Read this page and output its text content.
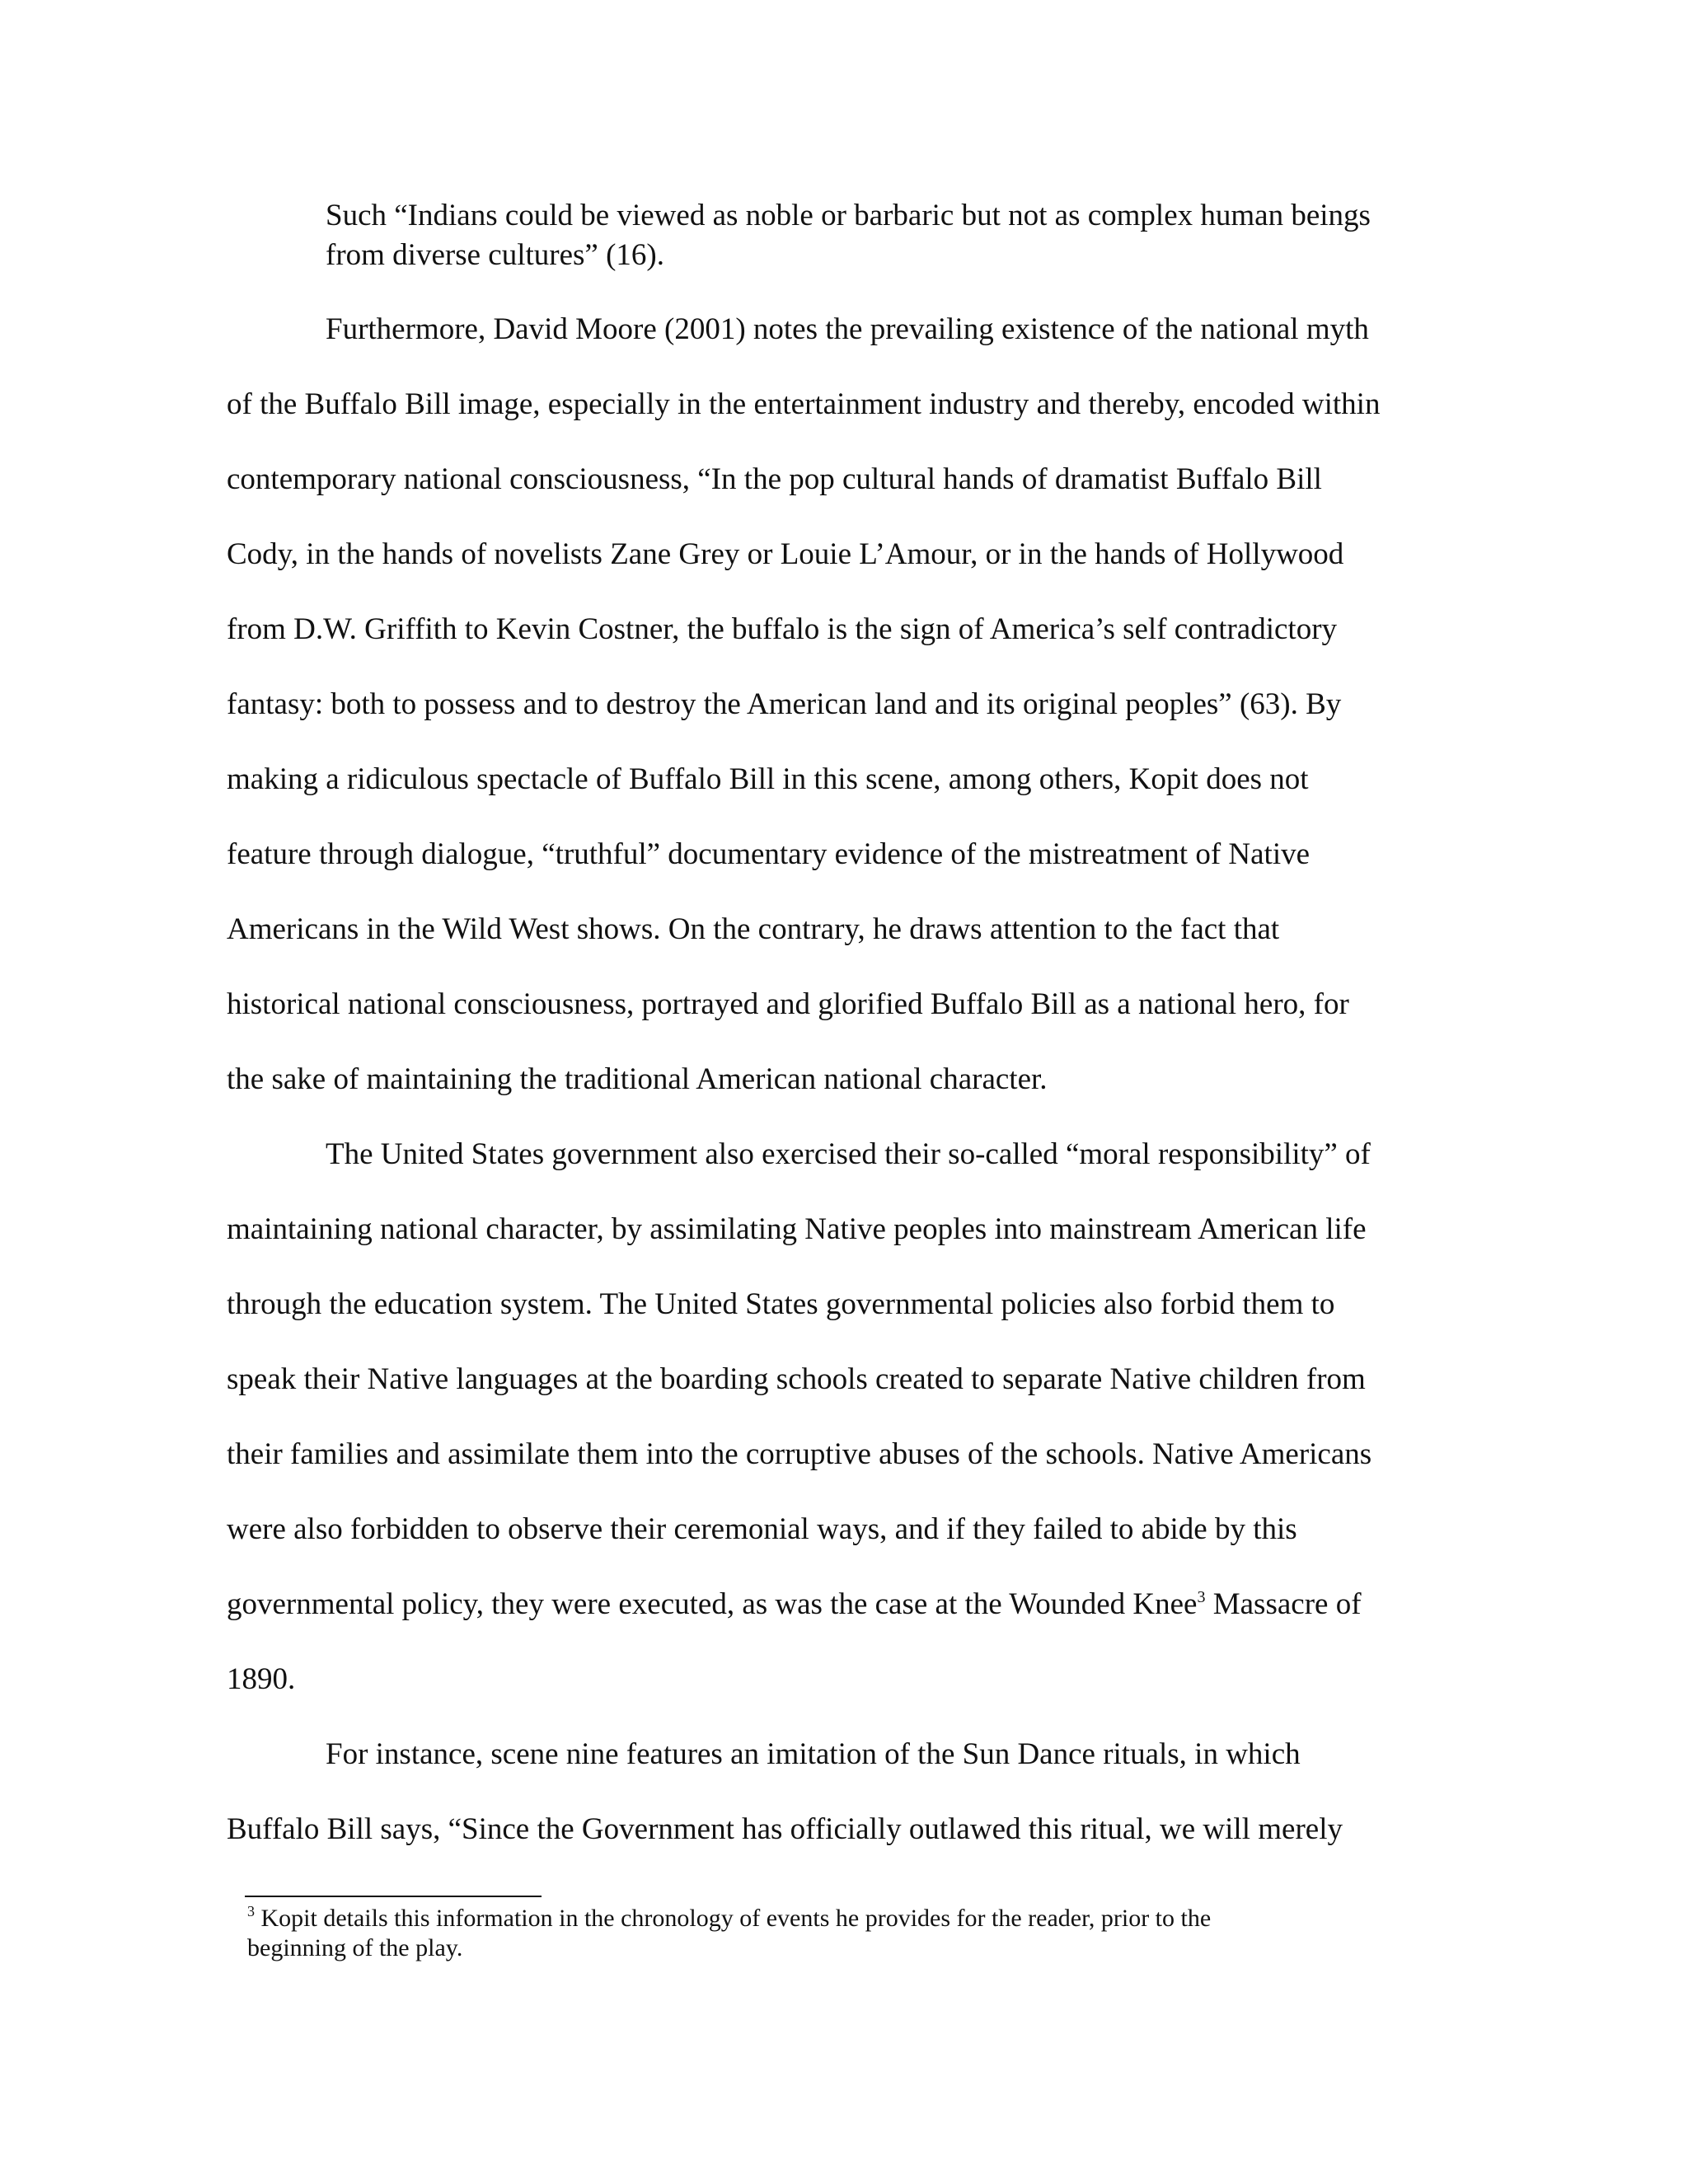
Such “Indians could be viewed as noble or barbaric but not as complex human beings

from diverse cultures” (16).

Furthermore, David Moore (2001) notes the prevailing existence of the national myth

of the Buffalo Bill image, especially in the entertainment industry and thereby, encoded within

contemporary national consciousness, “In the pop cultural hands of dramatist Buffalo Bill

Cody, in the hands of novelists Zane Grey or Louie L’Amour, or in the hands of Hollywood

from D.W. Griffith to Kevin Costner, the buffalo is the sign of America’s self contradictory

fantasy: both to possess and to destroy the American land and its original peoples” (63). By

making a ridiculous spectacle of Buffalo Bill in this scene, among others, Kopit does not

feature through dialogue, “truthful” documentary evidence of the mistreatment of Native

Americans in the Wild West shows. On the contrary, he draws attention to the fact that

historical national consciousness, portrayed and glorified Buffalo Bill as a national hero, for

the sake of maintaining the traditional American national character.

The United States government also exercised their so-called “moral responsibility” of

maintaining national character, by assimilating Native peoples into mainstream American life

through the education system. The United States governmental policies also forbid them to

speak their Native languages at the boarding schools created to separate Native children from

their families and assimilate them into the corruptive abuses of the schools. Native Americans

were also forbidden to observe their ceremonial ways, and if they failed to abide by this

governmental policy, they were executed, as was the case at the Wounded Knee$^3$ Massacre of

1890.

For instance, scene nine features an imitation of the Sun Dance rituals, in which

Buffalo Bill says, “Since the Government has officially outlawed this ritual, we will merely

$^3$ Kopit details this information in the chronology of events he provides for the reader, prior to the

beginning of the play.
